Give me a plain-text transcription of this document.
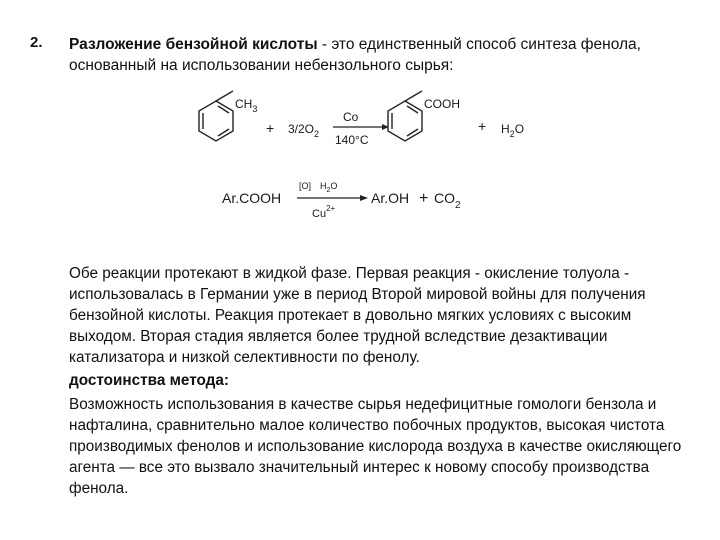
2. Разложение бензойной кислоты - это единственный способ синтеза фенола, основанный на использовании небензольного сырья:
$CH_3$
+ $3/2O_2$
Co
140°C
COOH
+ $H_2O$
Ar.COOH
[O] $H_2O$
$Cu^{2+}$
$Ar.OH + CO_2$

Обе реакции протекают в жидкой фазе. Первая реакция - окисление толуола - использовалась в Германии уже в период Второй мировой войны для получения бензойной кислоты. Реакция протекает в довольно мягких условиях с высоким выходом. Вторая стадия является более трудной вследствие дезактивации катализатора и низкой селективности по фенолу.

достоинства метода:

Возможность использования в качестве сырья недефицитные гомологи бензола и нафталина, сравнительно малое количество побочных продуктов, высокая чистота производимых фенолов и использование кислорода воздуха в качестве окисляющего агента — все это вызвало значительный интерес к новому способу производства фенола.
